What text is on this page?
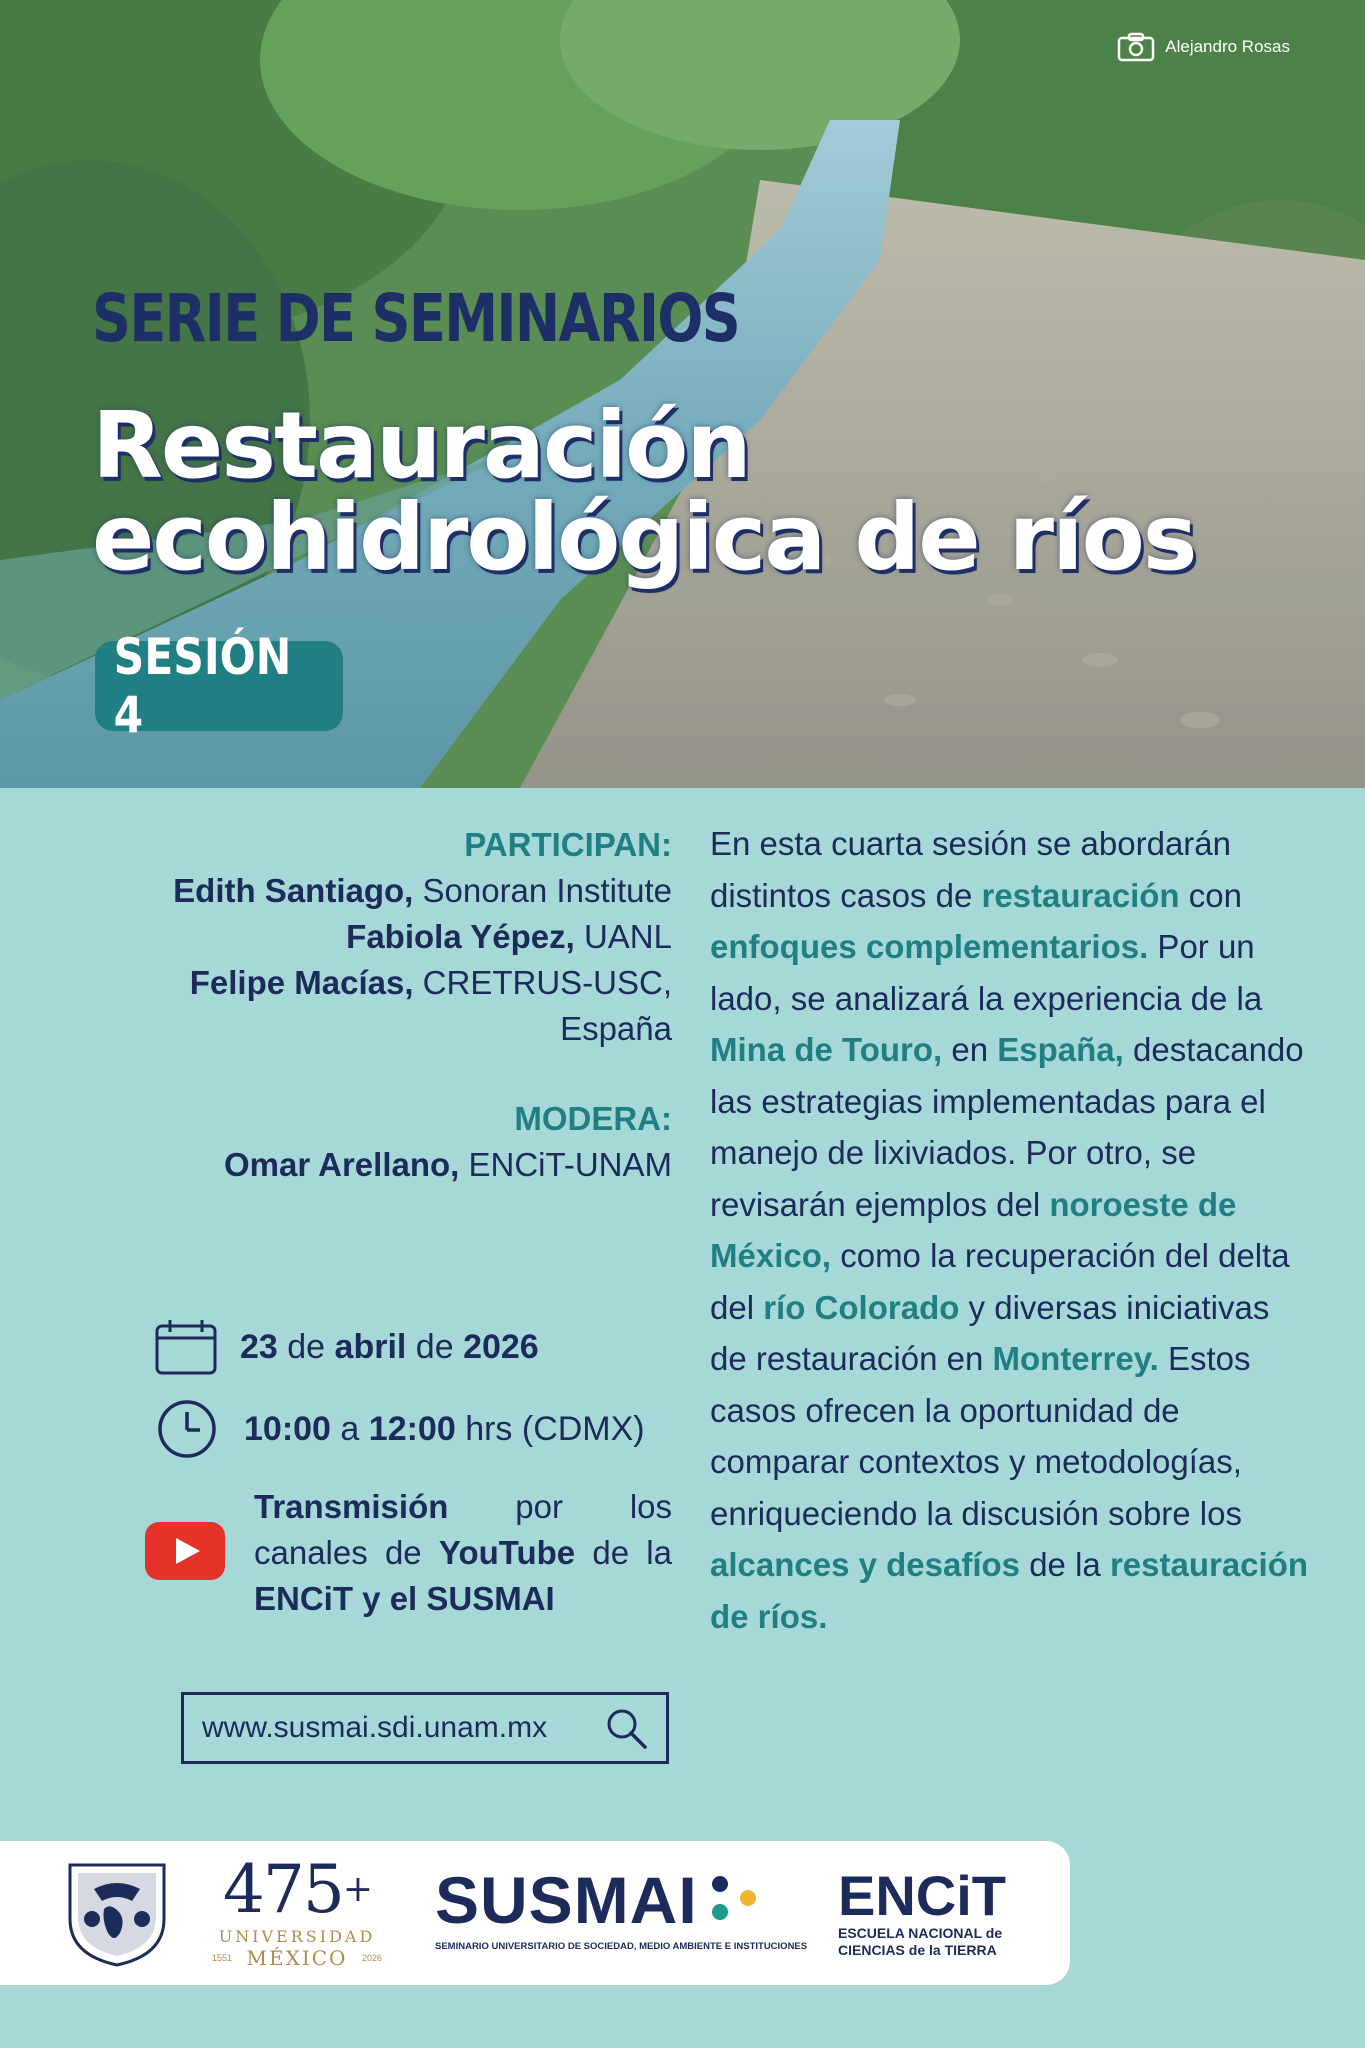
Alejandro Rosas
SERIE DE SEMINARIOS
Restauración ecohidrológica de ríos
SESIÓN 4

PARTICIPAN:

Edith Santiago, Sonoran Institute

Fabiola Yépez, UANL

Felipe Macías, CRETRUS-USC, España

MODERA:

Omar Arellano, ENCiT-UNAM

23 de abril de 2026
10:00 a 12:00 hrs (CDMX)
Transmisión por los canales de YouTube de la ENCiT y el SUSMAI
www.susmai.sdi.unam.mx

En esta cuarta sesión se abordarán distintos casos de restauración con enfoques complementarios. Por un lado, se analizará la experiencia de la Mina de Touro, en España, destacando las estrategias implementadas para el manejo de lixiviados. Por otro, se revisarán ejemplos del noroeste de México, como la recuperación del delta del río Colorado y diversas iniciativas de restauración en Monterrey. Estos casos ofrecen la oportunidad de comparar contextos y metodologías, enriqueciendo la discusión sobre los alcances y desafíos de la restauración de ríos.

475+
UNIVERSIDAD
1551 MÉXICO 2026
SUSMAI
SEMINARIO UNIVERSITARIO DE SOCIEDAD, MEDIO AMBIENTE E INSTITUCIONES
ENCiT
ESCUELA NACIONAL de
CIENCIAS de la TIERRA
